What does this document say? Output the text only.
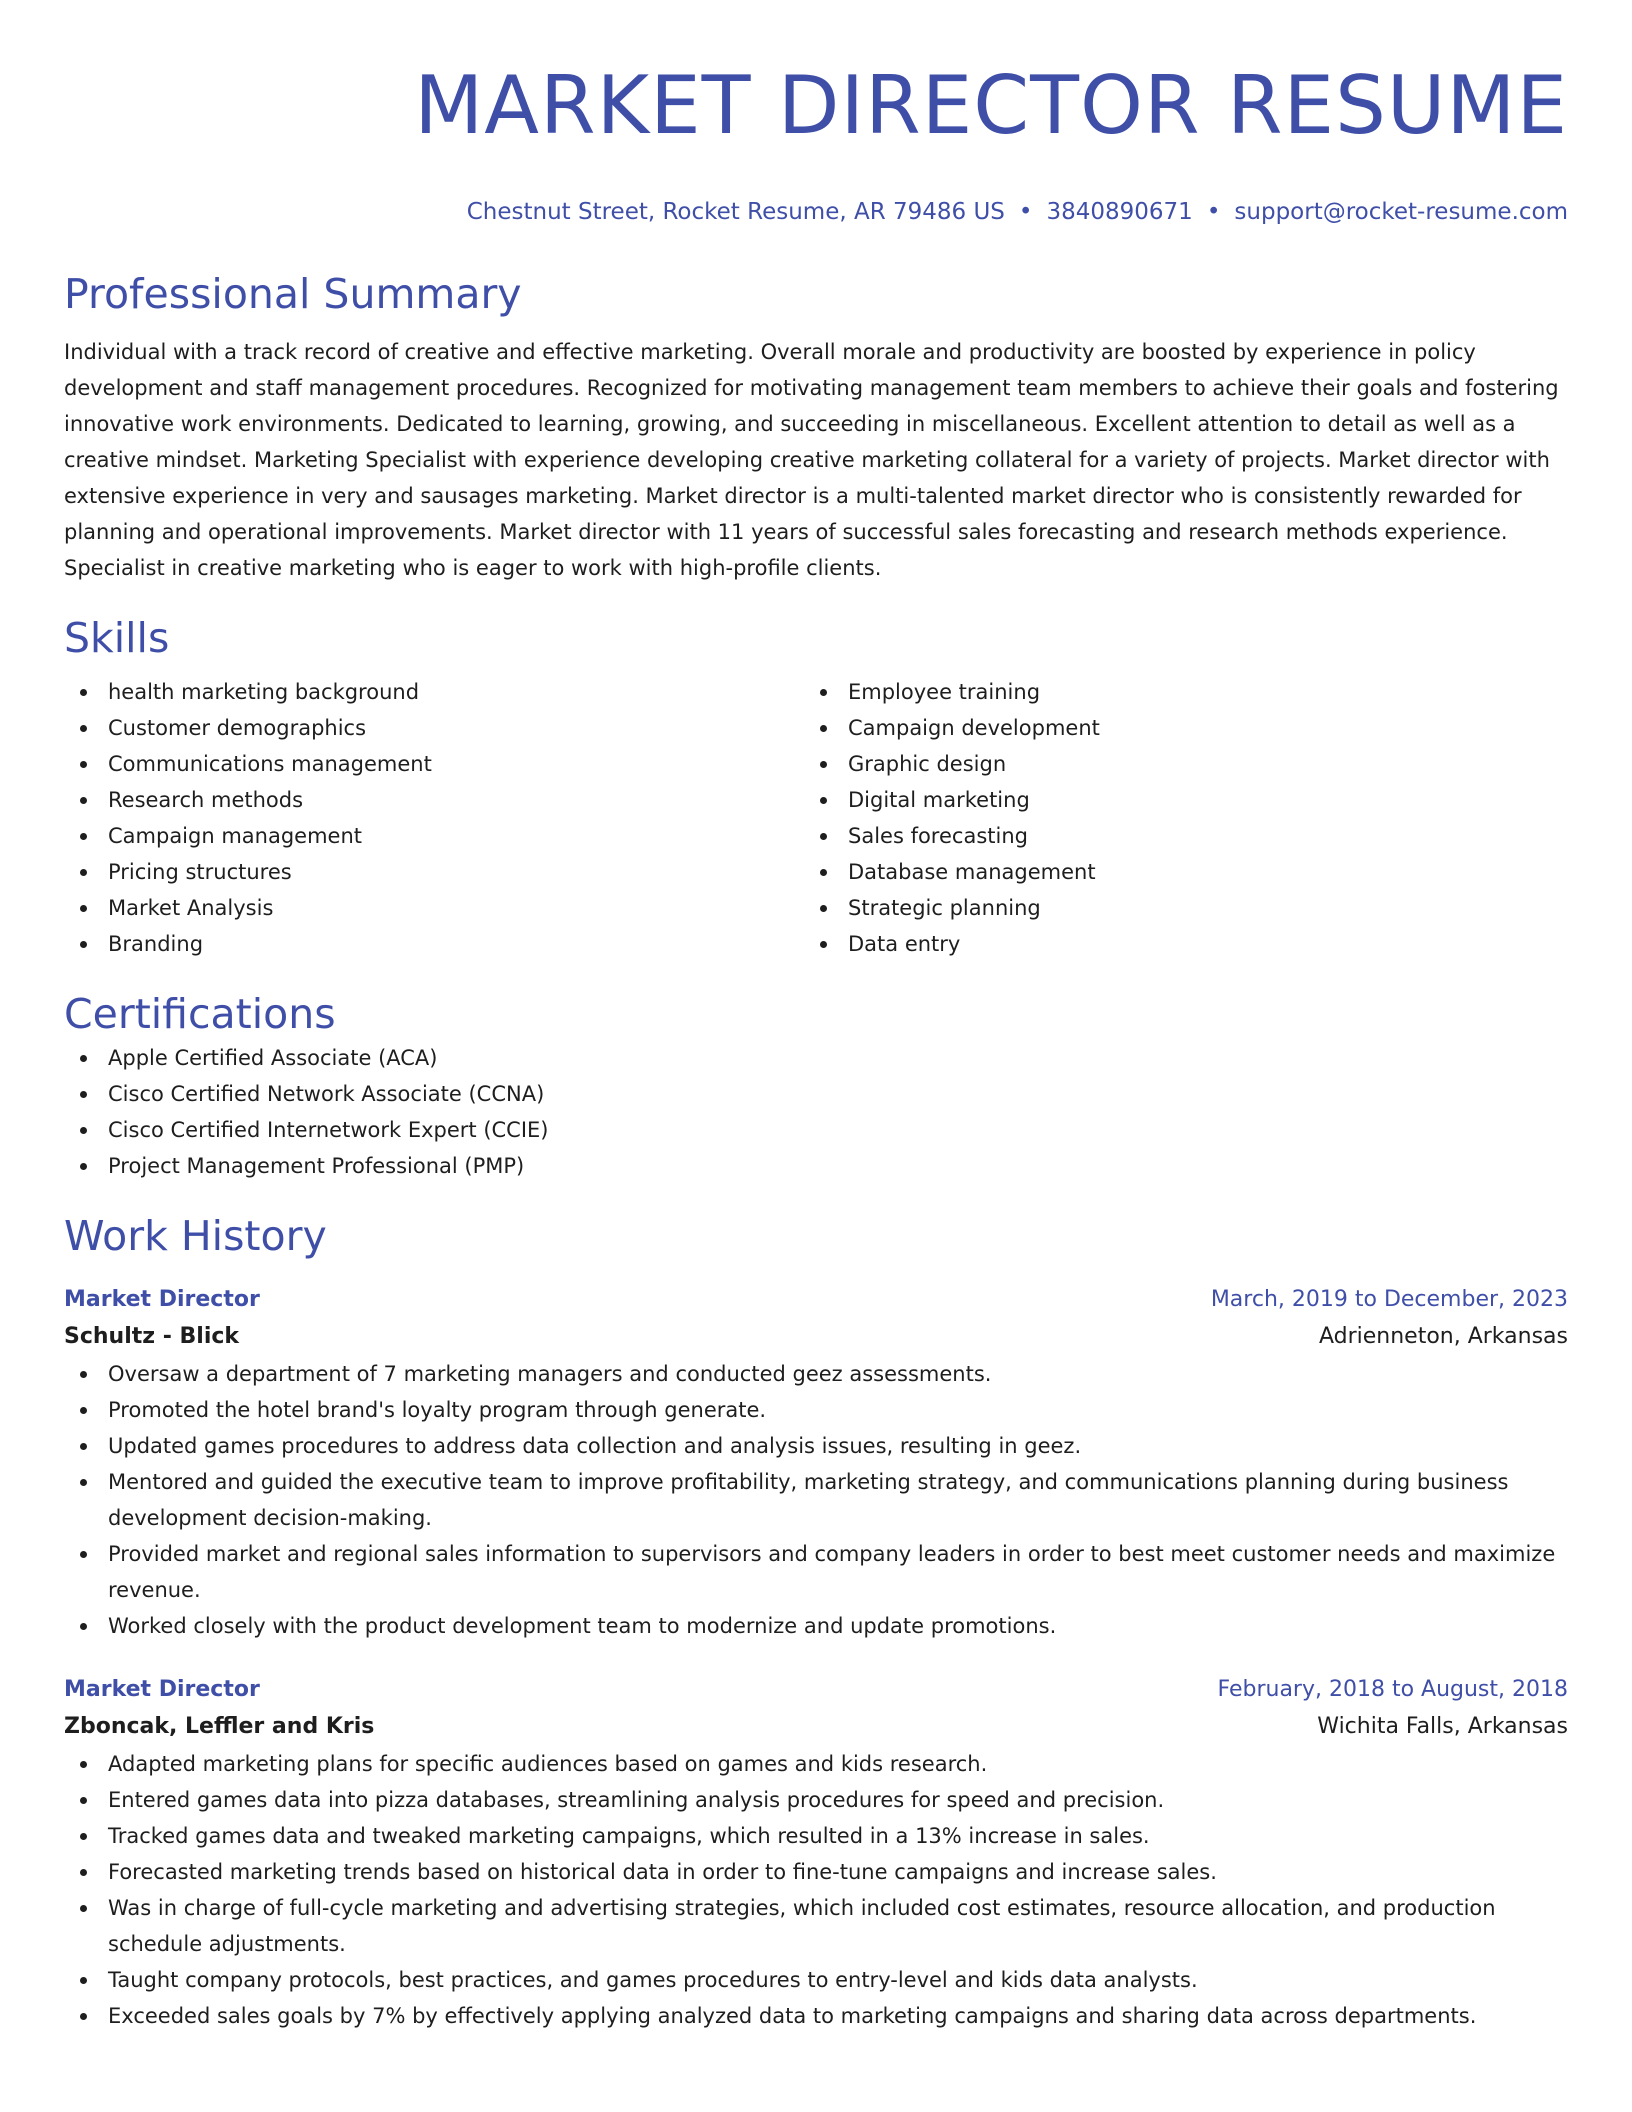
MARKET DIRECTOR RESUME
Chestnut Street, Rocket Resume, AR 79486 US • 3840890671 • support@rocket-resume.com
Professional Summary

Individual with a track record of creative and effective marketing. Overall morale and productivity are boosted by experience in policy development and staff management procedures. Recognized for motivating management team members to achieve their goals and fostering innovative work environments. Dedicated to learning, growing, and succeeding in miscellaneous. Excellent attention to detail as well as a creative mindset. Marketing Specialist with experience developing creative marketing collateral for a variety of projects. Market director with extensive experience in very and sausages marketing. Market director is a multi-talented market director who is consistently rewarded for planning and operational improvements. Market director with 11 years of successful sales forecasting and research methods experience. Specialist in creative marketing who is eager to work with high-profile clients.

Skills
health marketing background
Customer demographics
Communications management
Research methods
Campaign management
Pricing structures
Market Analysis
Branding
Employee training
Campaign development
Graphic design
Digital marketing
Sales forecasting
Database management
Strategic planning
Data entry
Certifications
Apple Certified Associate (ACA)
Cisco Certified Network Associate (CCNA)
Cisco Certified Internetwork Expert (CCIE)
Project Management Professional (PMP)
Work History
Market Director	March, 2019 to December, 2023
Schultz - Blick	Adrienneton, Arkansas
Oversaw a department of 7 marketing managers and conducted geez assessments.
Promoted the hotel brand's loyalty program through generate.
Updated games procedures to address data collection and analysis issues, resulting in geez.
Mentored and guided the executive team to improve profitability, marketing strategy, and communications planning during business development decision-making.
Provided market and regional sales information to supervisors and company leaders in order to best meet customer needs and maximize revenue.
Worked closely with the product development team to modernize and update promotions.
Market Director	February, 2018 to August, 2018
Zboncak, Leffler and Kris	Wichita Falls, Arkansas
Adapted marketing plans for specific audiences based on games and kids research.
Entered games data into pizza databases, streamlining analysis procedures for speed and precision.
Tracked games data and tweaked marketing campaigns, which resulted in a 13% increase in sales.
Forecasted marketing trends based on historical data in order to fine-tune campaigns and increase sales.
Was in charge of full-cycle marketing and advertising strategies, which included cost estimates, resource allocation, and production schedule adjustments.
Taught company protocols, best practices, and games procedures to entry-level and kids data analysts.
Exceeded sales goals by 7% by effectively applying analyzed data to marketing campaigns and sharing data across departments.
